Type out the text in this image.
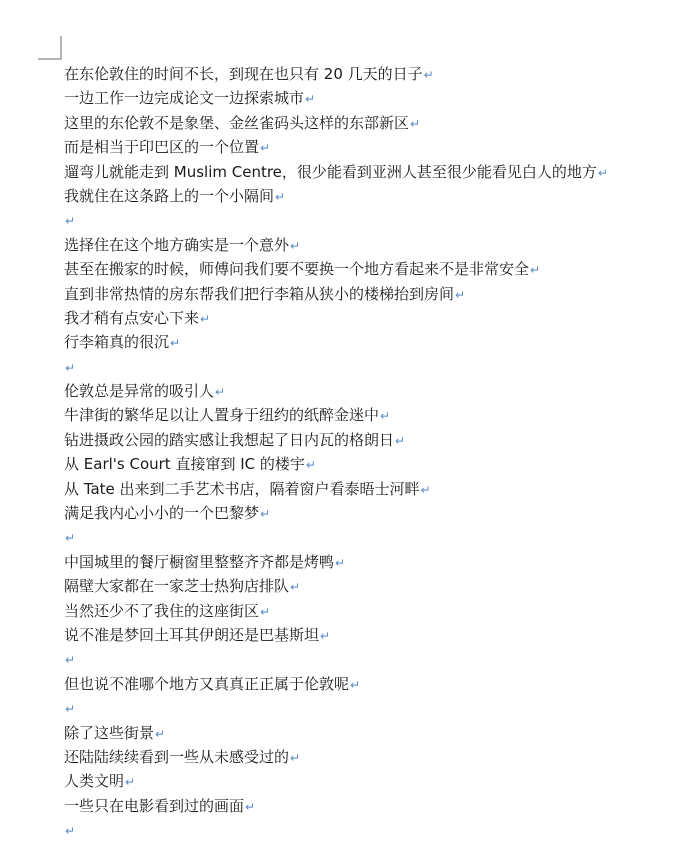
在东伦敦住的时间不长，到现在也只有 20 几天的日子↵
一边工作一边完成论文一边探索城市↵
这里的东伦敦不是象堡、金丝雀码头这样的东部新区↵
而是相当于印巴区的一个位置↵
遛弯儿就能走到 Muslim Centre，很少能看到亚洲人甚至很少能看见白人的地方↵
我就住在这条路上的一个小隔间↵
↵
选择住在这个地方确实是一个意外↵
甚至在搬家的时候，师傅问我们要不要换一个地方看起来不是非常安全↵
直到非常热情的房东帮我们把行李箱从狭小的楼梯抬到房间↵
我才稍有点安心下来↵
行李箱真的很沉↵
↵
伦敦总是异常的吸引人↵
牛津街的繁华足以让人置身于纽约的纸醉金迷中↵
钻进摄政公园的踏实感让我想起了日内瓦的格朗日↵
从 Earl's Court 直接窜到 IC 的楼宇↵
从 Tate 出来到二手艺术书店，隔着窗户看泰晤士河畔↵
满足我内心小小的一个巴黎梦↵
↵
中国城里的餐厅橱窗里整整齐齐都是烤鸭↵
隔壁大家都在一家芝士热狗店排队↵
当然还少不了我住的这座街区↵
说不准是梦回土耳其伊朗还是巴基斯坦↵
↵
但也说不准哪个地方又真真正正属于伦敦呢↵
↵
除了这些街景↵
还陆陆续续看到一些从未感受过的↵
人类文明↵
一些只在电影看到过的画面↵
↵
